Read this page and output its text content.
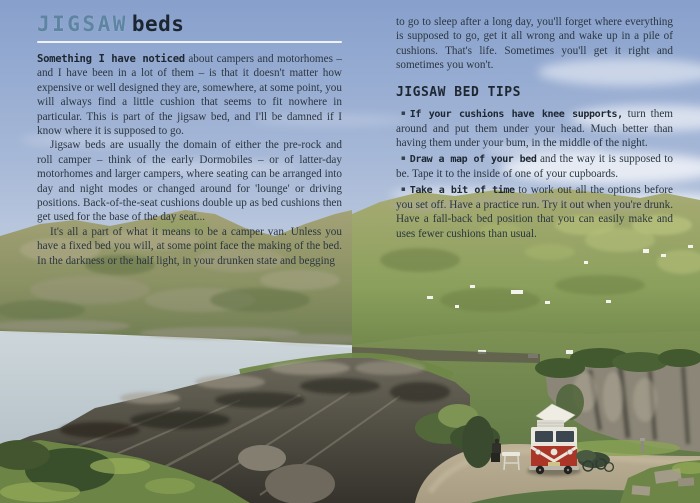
JIGSAW beds

Something I have noticed about campers and motorhomes – and I have been in a lot of them – is that it doesn't matter how expensive or well designed they are, somewhere, at some point, you will always find a little cushion that seems to fit nowhere in particular. This is part of the jigsaw bed, and I'll be damned if I know where it is supposed to go.

Jigsaw beds are usually the domain of either the pre-rock and roll camper – think of the early Dormobiles – or of latter-day motorhomes and larger campers, where seating can be arranged into day and night modes or changed around for 'lounge' or driving positions. Back-of-the-seat cushions double up as bed cushions then get used for the base of the day seat...

It's all a part of what it means to be a camper van. Unless you have a fixed bed you will, at some point face the making of the bed. In the darkness or the half light, in your drunken state and begging

to go to sleep after a long day, you'll forget where everything is supposed to go, get it all wrong and wake up in a pile of cushions. That's life. Sometimes you'll get it right and sometimes you won't.

JIGSAW BED TIPS

▪ If your cushions have knee supports, turn them around and put them under your head. Much better than having them under your bum, in the middle of the night.

▪ Draw a map of your bed and the way it is supposed to be. Tape it to the inside of one of your cupboards.

▪ Take a bit of time to work out all the options before you set off. Have a practice run. Try it out when you're drunk. Have a fall-back bed position that you can easily make and uses fewer cushions than usual.
